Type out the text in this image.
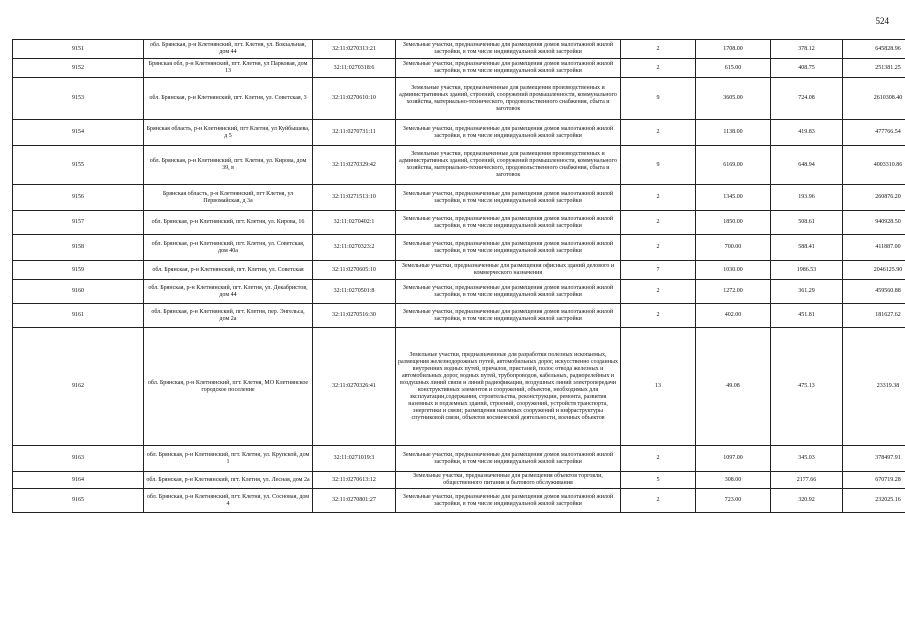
524
9151	обл. Брянская, р-н Клетнянский, пгт. Клетня, ул. Вокзальная, дом 44	32:11:0270313:21	Земельные участки, предназначенные для размещения домов малоэтажной жилой застройки, в том числе индивидуальной жилой застройки	2	1708.00	378.12	645828.96
9152	Брянская обл, р-н Клетнянский, пгт. Клетня, ул Парковая, дом 13	32:11:0270318:6	Земельные участки, предназначенные для размещения домов малоэтажной жилой застройки, в том числе индивидуальной жилой застройки	2	615.00	408.75	251381.25
9153	обл. Брянская, р-н Клетнянский, пгт. Клетня, ул. Советская, 3	32:11:0270610:10	Земельные участки, предназначенные для размещения производственных и административных зданий, строений, сооружений промышленности, коммунального хозяйства, материально-технического, продовольственного снабжения, сбыта и заготовок	9	3605.00	724.08	2610308.40
9154	Брянская область, р-н Клетнянский, пгт Клетня, ул Куйбышева, д 5	32:11:0270731:11	Земельные участки, предназначенные для размещения домов малоэтажной жилой застройки, в том числе индивидуальной жилой застройки	2	1138.00	419.83	477766.54
9155	обл. Брянская, р-н Клетнянский, пгт. Клетня, ул. Кирова, дом 39, в	32:11:0270329:42	Земельные участки, предназначенные для размещения производственных и административных зданий, строений, сооружений промышленности, коммунального хозяйства, материально-технического, продовольственного снабжения, сбыта и заготовок	9	6169.00	648.94	4003310.86
9156	Брянская область, р-н Клетнянский, пгт Клетня, ул Первомайская, д 3а	32:11:0271513:10	Земельные участки, предназначенные для размещения домов малоэтажной жилой застройки, в том числе индивидуальной жилой застройки	2	1345.00	193.96	260876.20
9157	обл. Брянская, р-н Клетнянский, пгт. Клетня, ул. Кирова, 16	32:11:0270402:1	Земельные участки, предназначенные для размещения домов малоэтажной жилой застройки, в том числе индивидуальной жилой застройки	2	1850.00	508.61	940928.50
9158	обл. Брянская, р-н Клетнянский, пгт. Клетня, ул. Советская, дом 40а	32:11:0270323:2	Земельные участки, предназначенные для размещения домов малоэтажной жилой застройки, в том числе индивидуальной жилой застройки	2	700.00	588.41	411887.00
9159	обл. Брянская, р-н Клетнянский, пгт. Клетня, ул. Советская	32:11:0270605:10	Земельные участки, предназначенные для размещения офисных зданий делового и коммерческого назначения	7	1030.00	1986.53	2046125.90
9160	обл. Брянская, р-н Клетнянский, пгт. Клетня, ул. Декабристов, дом 44	32:11:0270501:8	Земельные участки, предназначенные для размещения домов малоэтажной жилой застройки, в том числе индивидуальной жилой застройки	2	1272.00	361.29	459560.88
9161	обл. Брянская, р-н Клетнянский, пгт. Клетня, пер. Энгельса, дом 2а	32:11:0270516:30	Земельные участки, предназначенные для размещения домов малоэтажной жилой застройки, в том числе индивидуальной жилой застройки	2	402.00	451.81	181627.62
9162	обл. Брянская, р-н Клетнянский, пгт. Клетня, МО Клетнянское городское поселение	32:11:0270326:41	Земельные участки, предназначенные для разработки полезных ископаемых, размещения железнодорожных путей, автомобильных дорог, искусственно созданных внутренних водных путей, причалов, пристаней, полос отвода железных и автомобильных дорог, водных путей, трубопроводов, кабельных, радиорелейных и воздушных линий связи и линий радиофикации, воздушных линий электропередачи конструктивных элементов и сооружений, объектов, необходимых для эксплуатации,содержания, строительства, реконструкции, ремонта, развития наземных и подземных зданий, строений, сооружений, устройств транспорта, энергетики и связи; размещения наземных сооружений и инфраструктуры спутниковой связи, объектов космической деятельности, военных объектов	13	49.08	475.13	23319.38
9163	обл. Брянская, р-н Клетнянский, пгт. Клетня, ул. Крупской, дом 1	32:11:0271019:3	Земельные участки, предназначенные для размещения домов малоэтажной жилой застройки, в том числе индивидуальной жилой застройки	2	1097.00	345.03	378497.91
9164	обл. Брянская, р-н Клетнянский, пгт. Клетня, ул. Лесная, дом 2а	32:11:0270613:12	Земельные участки, предназначенные для размещения объектов торговли, общественного питания и бытового обслуживания	5	308.00	2177.66	670719.28
9165	обл. Брянская, р-н Клетнянский, пгт. Клетня, ул. Сосновая, дом 4	32:11:0270801:27	Земельные участки, предназначенные для размещения домов малоэтажной жилой застройки, в том числе индивидуальной жилой застройки	2	723.00	320.92	232025.16
